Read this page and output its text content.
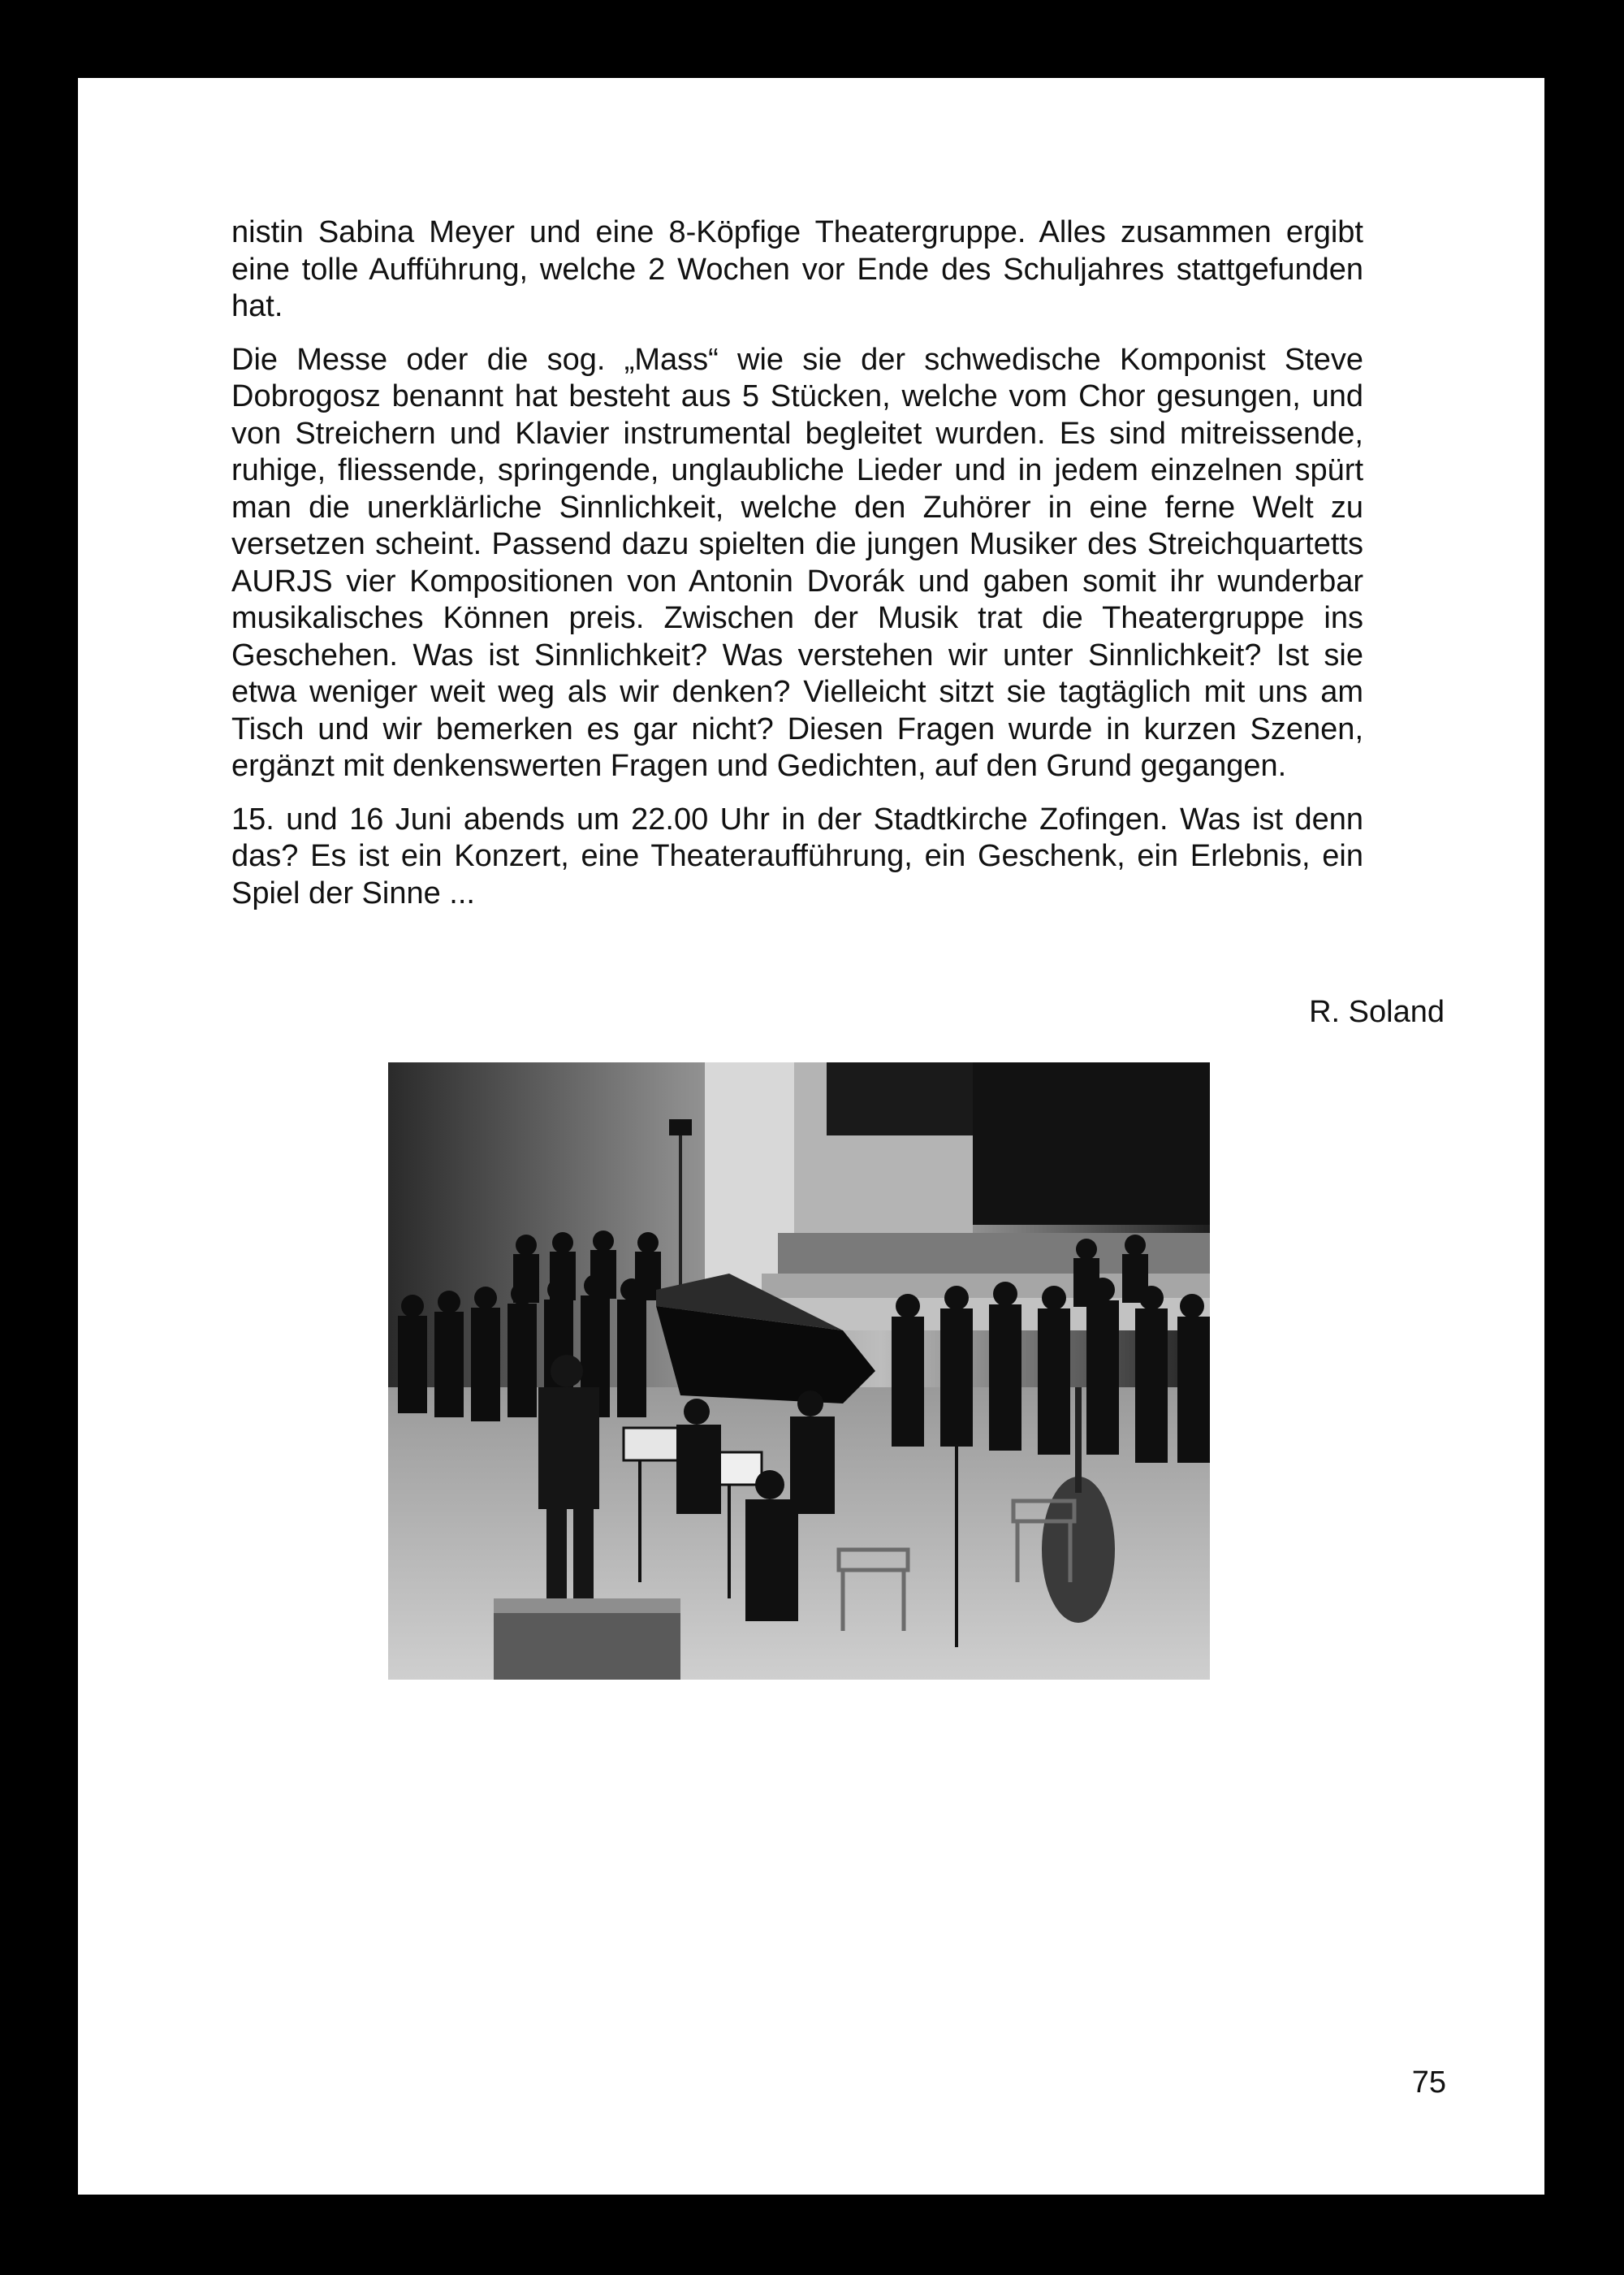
nistin Sabina Meyer und eine 8-Köpfige Theatergruppe. Alles zusammen ergibt eine tolle Aufführung, welche 2 Wochen vor Ende des Schuljahres stattgefunden hat.

Die Messe oder die sog. „Mass“ wie sie der schwedische Komponist Steve Dobrogosz benannt hat besteht aus 5 Stücken, welche vom Chor gesungen, und von Streichern und Klavier instrumental begleitet wurden. Es sind mitreissende, ruhige, fliessende, springende, unglaubliche Lieder und in jedem einzelnen spürt man die unerklärliche Sinnlichkeit, welche den Zuhörer in eine ferne Welt zu versetzen scheint. Passend dazu spielten die jungen Musiker des Streichquartetts AURJS vier Kompositionen von Antonin Dvorák und gaben somit ihr wunderbar musikalisches Können preis. Zwischen der Musik trat die Theatergruppe ins Geschehen. Was ist Sinnlichkeit? Was verstehen wir unter Sinnlichkeit? Ist sie etwa weniger weit weg als wir denken? Vielleicht sitzt sie tagtäglich mit uns am Tisch und wir bemerken es gar nicht? Diesen Fragen wurde in kurzen Szenen, ergänzt mit denkenswerten Fragen und Gedichten, auf den Grund gegangen.

15. und 16 Juni abends um 22.00 Uhr in der Stadtkirche Zofingen. Was ist denn das? Es ist ein Konzert, eine Theateraufführung, ein Geschenk, ein Erlebnis, ein Spiel der Sinne ...

R. Soland
75
